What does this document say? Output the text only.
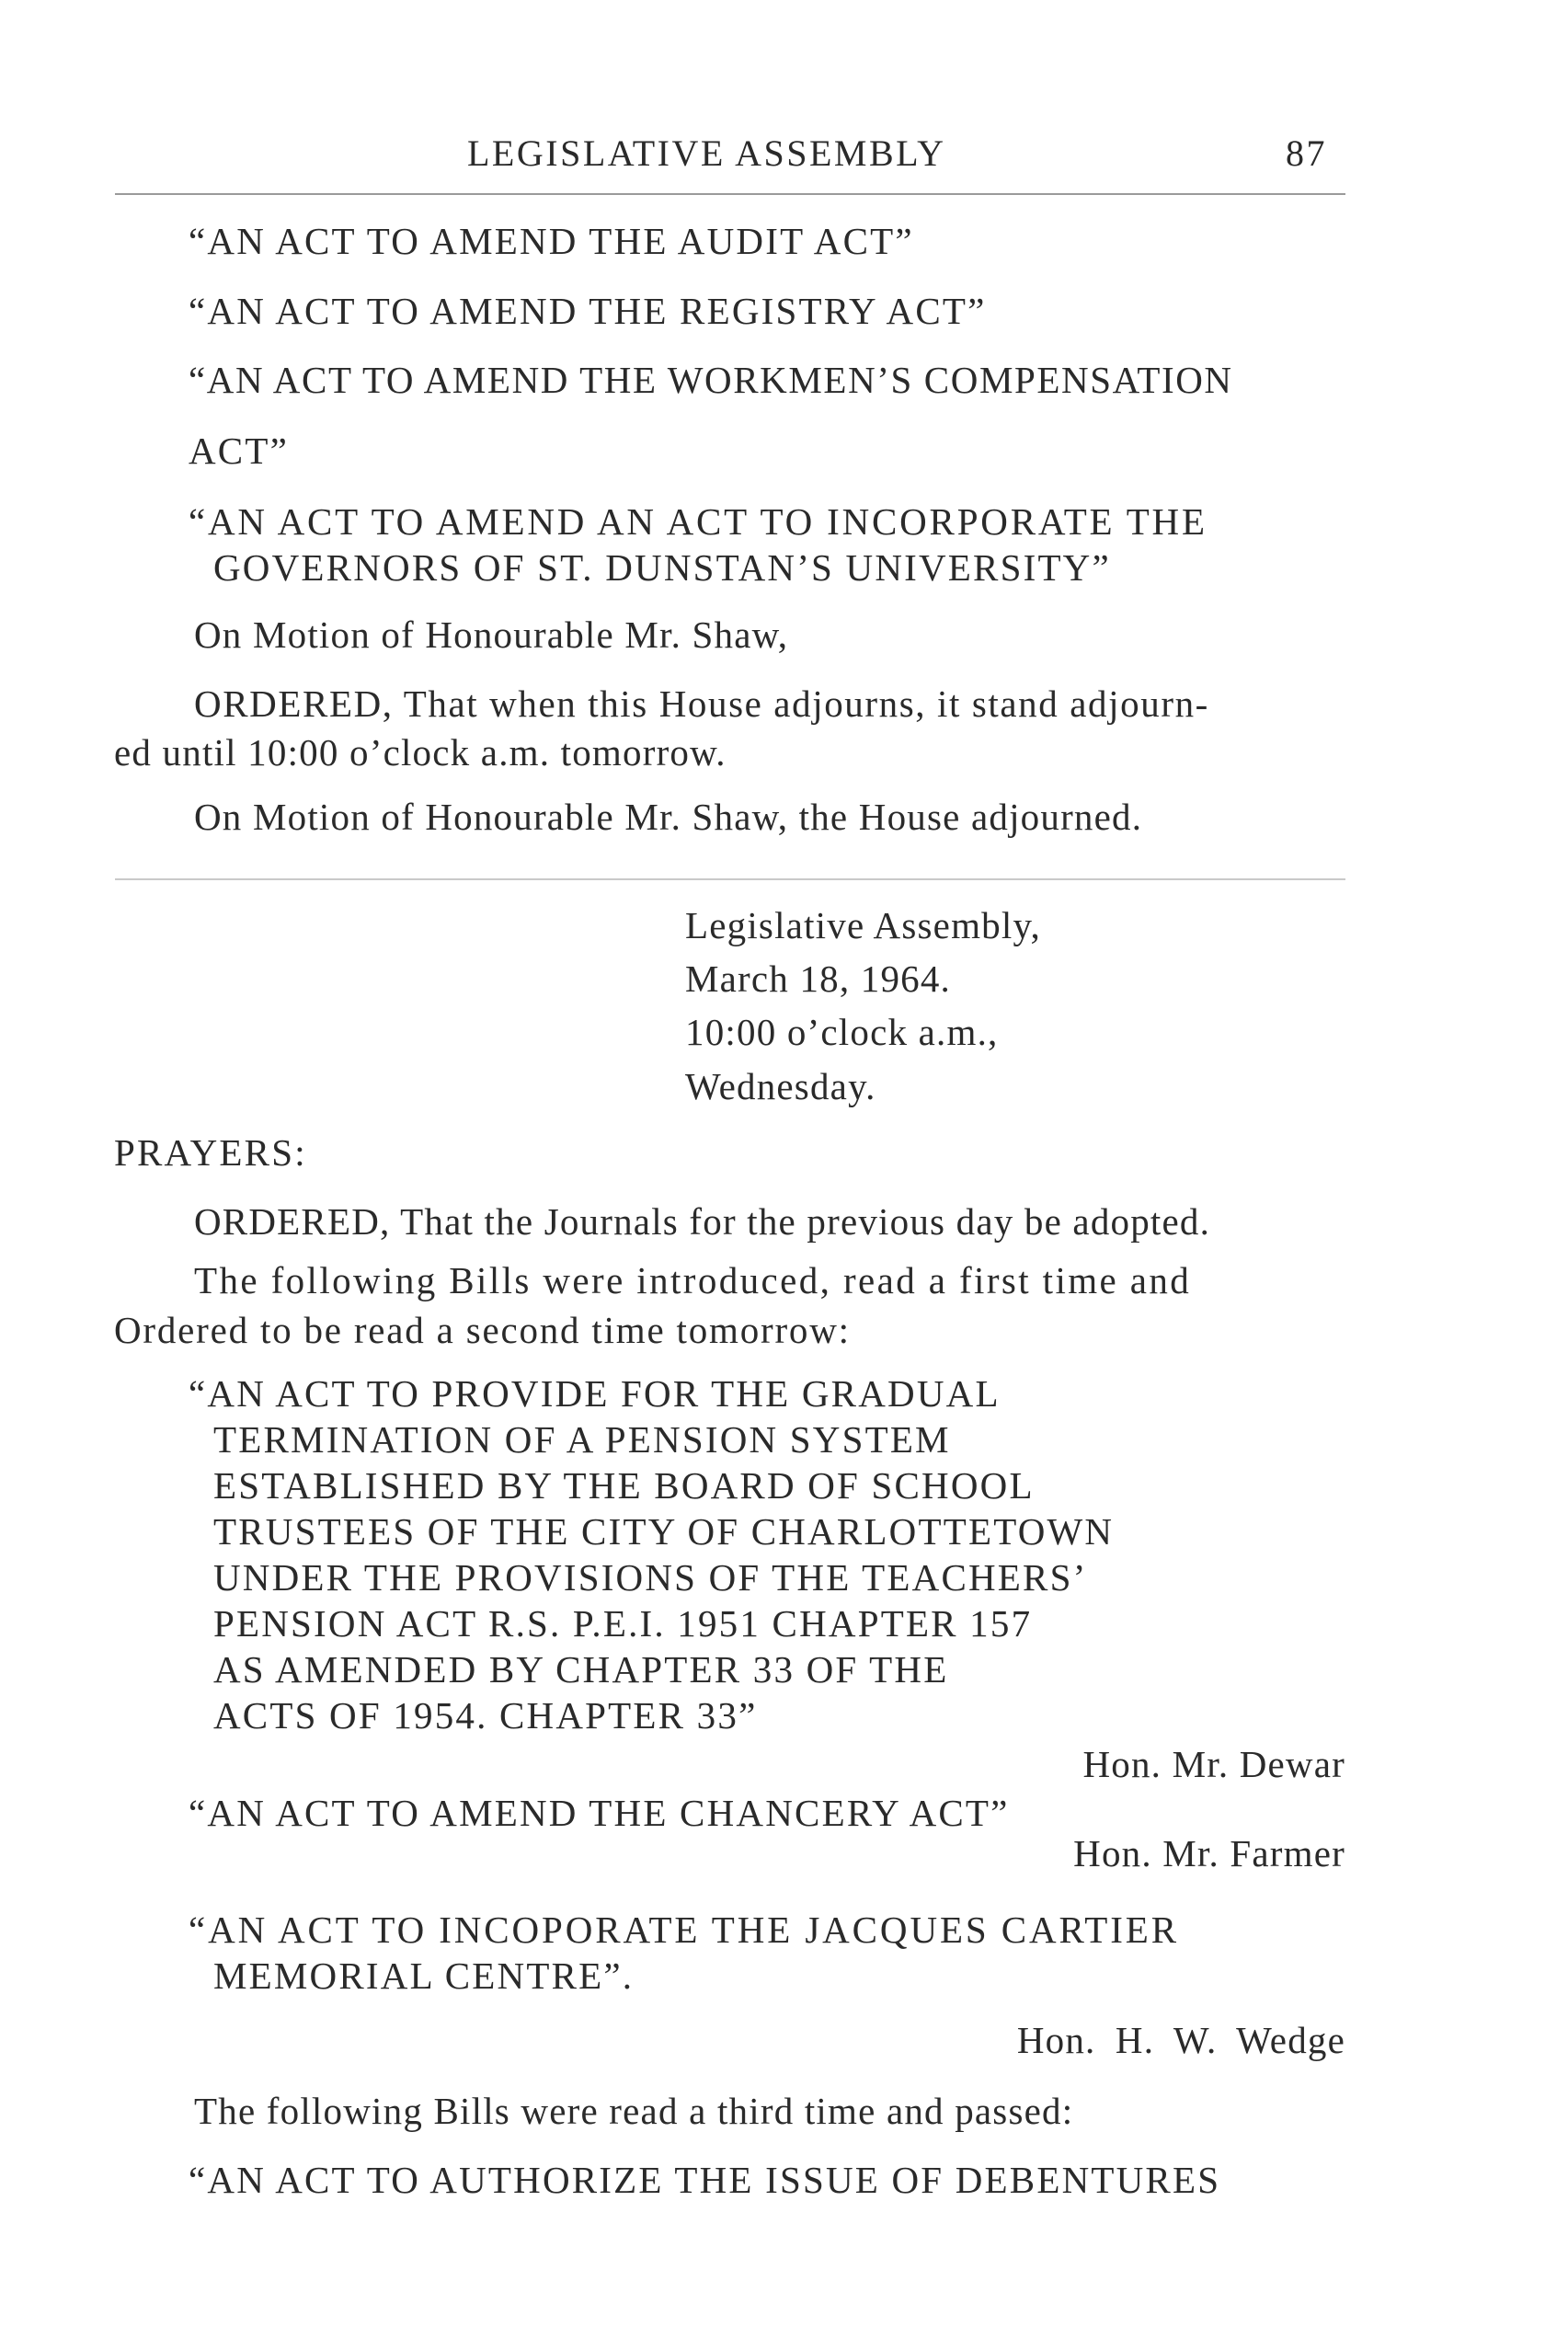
LEGISLATIVE ASSEMBLY	87
“AN ACT TO AMEND THE AUDIT ACT”
“AN ACT TO AMEND THE REGISTRY ACT”
“AN ACT TO AMEND THE WORKMEN’S COMPENSATION
ACT”
“AN ACT TO AMEND AN ACT TO INCORPORATE THE
GOVERNORS OF ST. DUNSTAN’S UNIVERSITY”
On Motion of Honourable Mr. Shaw,
ORDERED, That when this House adjourns, it stand adjourn-
ed until 10:00 o’clock a.m. tomorrow.
On Motion of Honourable Mr. Shaw, the House adjourned.
Legislative Assembly,
March 18, 1964.
10:00 o’clock a.m.,
Wednesday.
PRAYERS:
ORDERED, That the Journals for the previous day be adopted.
The following Bills were introduced, read a first time and
Ordered to be read a second time tomorrow:
“AN ACT TO PROVIDE FOR THE GRADUAL
TERMINATION OF A PENSION SYSTEM
ESTABLISHED BY THE BOARD OF SCHOOL
TRUSTEES OF THE CITY OF CHARLOTTETOWN
UNDER THE PROVISIONS OF THE TEACHERS’
PENSION ACT R.S. P.E.I. 1951 CHAPTER 157
AS AMENDED BY CHAPTER 33 OF THE
ACTS OF 1954. CHAPTER 33”
Hon. Mr. Dewar
“AN ACT TO AMEND THE CHANCERY ACT”
Hon. Mr. Farmer
“AN ACT TO INCOPORATE THE JACQUES CARTIER
MEMORIAL CENTRE”.
Hon. H. W. Wedge
The following Bills were read a third time and passed:
“AN ACT TO AUTHORIZE THE ISSUE OF DEBENTURES
